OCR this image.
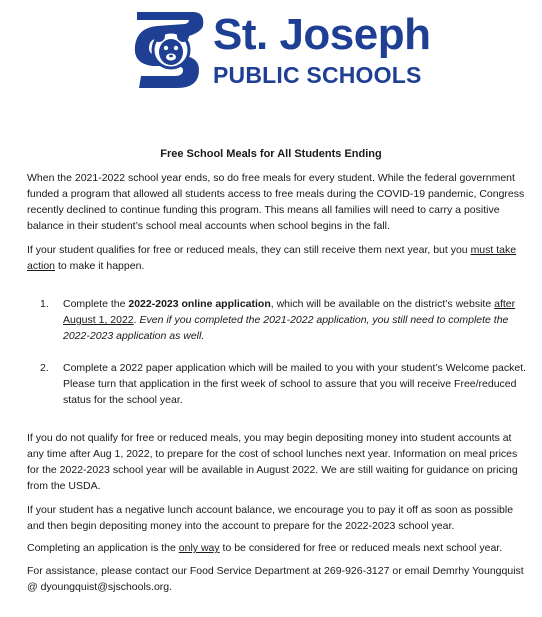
St. Joseph
PUBLIC SCHOOLS
Free School Meals for All Students Ending
When the 2021-2022 school year ends, so do free meals for every student. While the federal government funded a program that allowed all students access to free meals during the COVID-19 pandemic, Congress recently declined to continue funding this program. This means all families will need to carry a positive balance in their student’s school meal accounts when school begins in the fall.
If your student qualifies for free or reduced meals, they can still receive them next year, but you must take action to make it happen.
1. Complete the 2022-2023 online application, which will be available on the district’s website after August 1, 2022. Even if you completed the 2021-2022 application, you still need to complete the 2022-2023 application as well.
2. Complete a 2022 paper application which will be mailed to you with your student’s Welcome packet. Please turn that application in the first week of school to assure that you will receive Free/reduced status for the school year.
If you do not qualify for free or reduced meals, you may begin depositing money into student accounts at any time after Aug 1, 2022, to prepare for the cost of school lunches next year. Information on meal prices for the 2022-2023 school year will be available in August 2022. We are still waiting for guidance on pricing from the USDA.
If your student has a negative lunch account balance, we encourage you to pay it off as soon as possible and then begin depositing money into the account to prepare for the 2022-2023 school year.
Completing an application is the only way to be considered for free or reduced meals next school year.
For assistance, please contact our Food Service Department at 269-926-3127 or email Demrhy Youngquist @ dyoungquist@sjschools.org.
